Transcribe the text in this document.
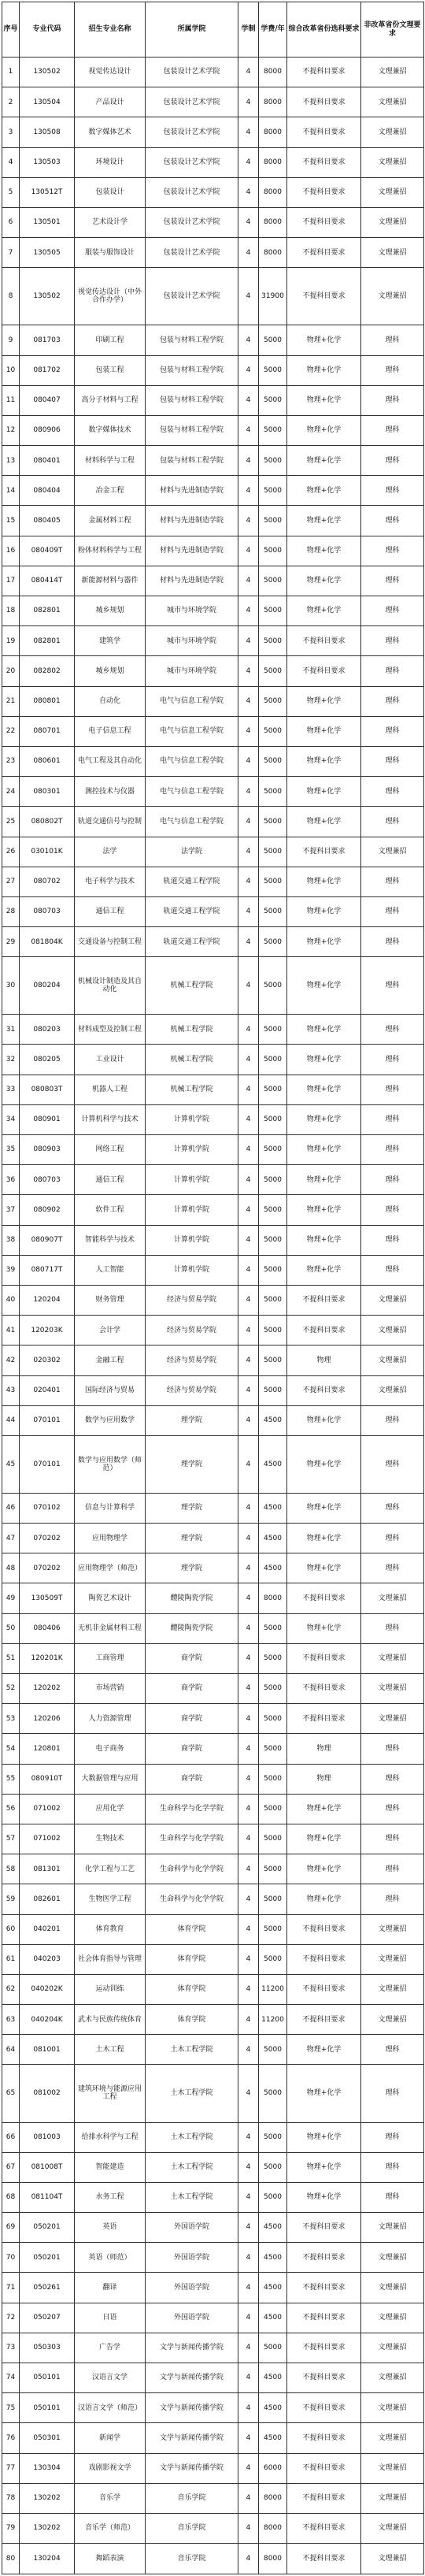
序号	专业代码	招生专业名称	所属学院	学制	学费/年	综合改革省份选科要求	非改革省份文理要求
1	130502	视觉传达设计	包装设计艺术学院	4	8000	不提科目要求	文理兼招
2	130504	产品设计	包装设计艺术学院	4	8000	不提科目要求	文理兼招
3	130508	数字媒体艺术	包装设计艺术学院	4	8000	不提科目要求	文理兼招
4	130503	环境设计	包装设计艺术学院	4	8000	不提科目要求	文理兼招
5	130512T	包装设计	包装设计艺术学院	4	8000	不提科目要求	文理兼招
6	130501	艺术设计学	包装设计艺术学院	4	8000	不提科目要求	文理兼招
7	130505	服装与服饰设计	包装设计艺术学院	4	8000	不提科目要求	文理兼招
8	130502	视觉传达设计（中外合作办学）	包装设计艺术学院	4	31900	不提科目要求	文理兼招
9	081703	印刷工程	包装与材料工程学院	4	5000	物理+化学	理科
10	081702	包装工程	包装与材料工程学院	4	5000	物理+化学	理科
11	080407	高分子材料与工程	包装与材料工程学院	4	5000	物理+化学	理科
12	080906	数字媒体技术	包装与材料工程学院	4	5000	物理+化学	理科
13	080401	材料科学与工程	包装与材料工程学院	4	5000	物理+化学	理科
14	080404	冶金工程	材料与先进制造学院	4	5000	物理+化学	理科
15	080405	金属材料工程	材料与先进制造学院	4	5000	物理+化学	理科
16	080409T	粉体材料科学与工程	材料与先进制造学院	4	5000	物理+化学	理科
17	080414T	新能源材料与器件	材料与先进制造学院	4	5000	物理+化学	理科
18	082801	城乡规划	城市与环境学院	4	5000	物理+化学	理科
19	082801	建筑学	城市与环境学院	4	5000	不提科目要求	理科
20	082802	城乡规划	城市与环境学院	4	5000	不提科目要求	理科
21	080801	自动化	电气与信息工程学院	4	5000	物理+化学	理科
22	080701	电子信息工程	电气与信息工程学院	4	5000	物理+化学	理科
23	080601	电气工程及其自动化	电气与信息工程学院	4	5000	物理+化学	理科
24	080301	测控技术与仪器	电气与信息工程学院	4	5000	物理+化学	理科
25	080802T	轨道交通信号与控制	电气与信息工程学院	4	5000	物理+化学	理科
26	030101K	法学	法学院	4	5000	不提科目要求	文理兼招
27	080702	电子科学与技术	轨道交通工程学院	4	5000	物理+化学	理科
28	080703	通信工程	轨道交通工程学院	4	5000	物理+化学	理科
29	081804K	交通设备与控制工程	轨道交通工程学院	4	5000	物理+化学	理科
30	080204	机械设计制造及其自动化	机械工程学院	4	5000	物理+化学	理科
31	080203	材料成型及控制工程	机械工程学院	4	5000	物理+化学	理科
32	080205	工业设计	机械工程学院	4	5000	物理+化学	理科
33	080803T	机器人工程	机械工程学院	4	5000	物理+化学	理科
34	080901	计算机科学与技术	计算机学院	4	5000	物理+化学	理科
35	080903	网络工程	计算机学院	4	5000	物理+化学	理科
36	080703	通信工程	计算机学院	4	5000	物理+化学	理科
37	080902	软件工程	计算机学院	4	5000	物理+化学	理科
38	080907T	智能科学与技术	计算机学院	4	5000	物理+化学	理科
39	080717T	人工智能	计算机学院	4	5000	物理+化学	理科
40	120204	财务管理	经济与贸易学院	4	5000	不提科目要求	文理兼招
41	120203K	会计学	经济与贸易学院	4	5000	不提科目要求	文理兼招
42	020302	金融工程	经济与贸易学院	4	5000	物理	文理兼招
43	020401	国际经济与贸易	经济与贸易学院	4	5000	不提科目要求	文理兼招
44	070101	数学与应用数学	理学院	4	4500	物理+化学	理科
45	070101	数学与应用数学（师范）	理学院	4	4500	物理+化学	理科
46	070102	信息与计算科学	理学院	4	4500	物理+化学	理科
47	070202	应用物理学	理学院	4	4500	物理+化学	理科
48	070202	应用物理学（师范）	理学院	4	4500	物理+化学	理科
49	130509T	陶瓷艺术设计	醴陵陶瓷学院	4	8000	不提科目要求	文理兼招
50	080406	无机非金属材料工程	醴陵陶瓷学院	4	5000	物理+化学	理科
51	120201K	工商管理	商学院	4	5000	不提科目要求	文理兼招
52	120202	市场营销	商学院	4	5000	不提科目要求	文理兼招
53	120206	人力资源管理	商学院	4	5000	不提科目要求	文理兼招
54	120801	电子商务	商学院	4	5000	物理	理科
55	080910T	大数据管理与应用	商学院	4	5000	物理	理科
56	071002	应用化学	生命科学与化学学院	4	5000	物理+化学	理科
57	071002	生物技术	生命科学与化学学院	4	5000	物理+化学	理科
58	081301	化学工程与工艺	生命科学与化学学院	4	5000	物理+化学	理科
59	082601	生物医学工程	生命科学与化学学院	4	5000	物理+化学	理科
60	040201	体育教育	体育学院	4	5000	不提科目要求	文理兼招
61	040203	社会体育指导与管理	体育学院	4	5000	不提科目要求	文理兼招
62	040202K	运动训练	体育学院	4	11200	不提科目要求	文理兼招
63	040204K	武术与民族传统体育	体育学院	4	11200	不提科目要求	文理兼招
64	081001	土木工程	土木工程学院	4	5000	物理+化学	理科
65	081002	建筑环境与能源应用工程	土木工程学院	4	5000	物理+化学	理科
66	081003	给排水科学与工程	土木工程学院	4	5000	物理+化学	理科
67	081008T	智能建造	土木工程学院	4	5000	物理+化学	理科
68	081104T	水务工程	土木工程学院	4	5000	物理+化学	理科
69	050201	英语	外国语学院	4	4500	不提科目要求	文理兼招
70	050201	英语（师范）	外国语学院	4	4500	不提科目要求	文理兼招
71	050261	翻译	外国语学院	4	4500	不提科目要求	文理兼招
72	050207	日语	外国语学院	4	4500	不提科目要求	文理兼招
73	050303	广告学	文学与新闻传播学院	4	5000	不提科目要求	文理兼招
74	050101	汉语言文学	文学与新闻传播学院	4	4500	不提科目要求	文理兼招
75	050101	汉语言文学（师范）	文学与新闻传播学院	4	4500	不提科目要求	文理兼招
76	050301	新闻学	文学与新闻传播学院	4	4500	不提科目要求	文理兼招
77	130304	戏剧影视文学	文学与新闻传播学院	4	6000	不提科目要求	文理兼招
78	130202	音乐学	音乐学院	4	8000	不提科目要求	文理兼招
79	130202	音乐学（师范）	音乐学院	4	8000	不提科目要求	文理兼招
80	130204	舞蹈表演	音乐学院	4	8000	不提科目要求	文理兼招
